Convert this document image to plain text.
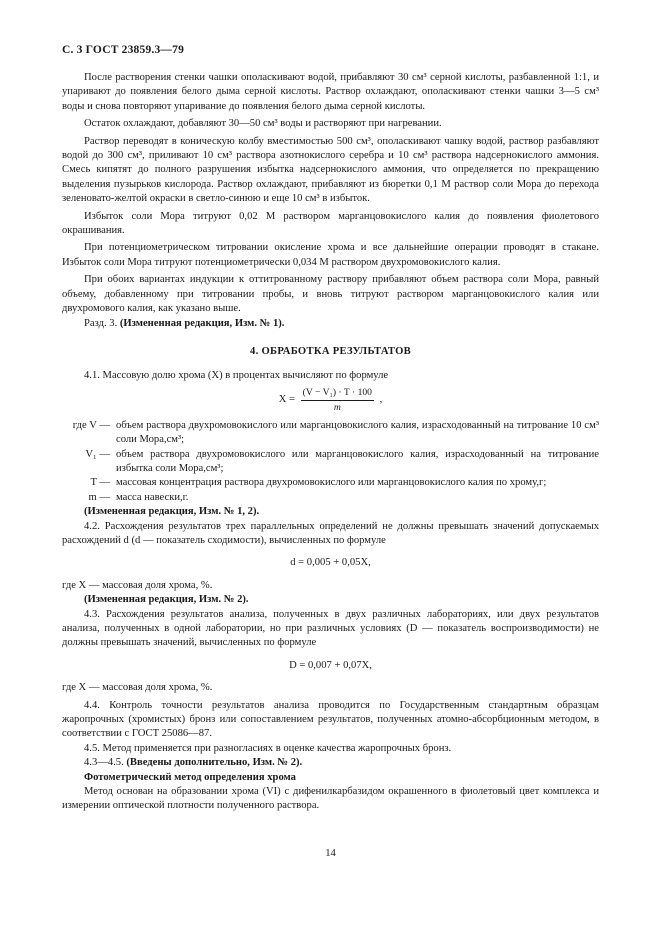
С. 3 ГОСТ 23859.3—79

После растворения стенки чашки ополаскивают водой, прибавляют 30 см³ серной кислоты, разбавленной 1:1, и упаривают до появления белого дыма серной кислоты. Раствор охлаждают, ополаскивают стенки чашки 3—5 см³ воды и снова повторяют упаривание до появления белого дыма серной кислоты.

Остаток охлаждают, добавляют 30—50 см³ воды и растворяют при нагревании.

Раствор переводят в коническую колбу вместимостью 500 см³, ополаскивают чашку водой, раствор разбавляют водой до 300 см³, приливают 10 см³ раствора азотнокислого серебра и 10 см³ раствора надсернокислого аммония. Смесь кипятят до полного разрушения избытка надсернокислого аммония, что определяется по прекращению выделения пузырьков кислорода. Раствор охлаждают, прибавляют из бюретки 0,1 М раствор соли Мора до перехода зеленовато-желтой окраски в светло-синюю и еще 10 см³ в избыток.

Избыток соли Мора титруют 0,02 М раствором марганцовокислого калия до появления фиолетового окрашивания.

При потенциометрическом титровании окисление хрома и все дальнейшие операции проводят в стакане. Избыток соли Мора титруют потенциометрически 0,034 М раствором двухромовокислого калия.

При обоих вариантах индукции к оттитрованному раствору прибавляют объем раствора соли Мора, равный объему, добавленному при титровании пробы, и вновь титруют раствором марганцовокислого калия или двухромового калия, как указано выше.

Разд. 3. (Измененная редакция, Изм. № 1).

4. ОБРАБОТКА РЕЗУЛЬТАТОВ

4.1. Массовую долю хрома (X) в процентах вычисляют по формуле

$X = \frac{\text{(V − V₁) · T · 100}}{m}$ ,
где V — объем раствора двухромовокислого или марганцовокислого калия, израсходованный на титрование 10 см³ соли Мора,см³;
V₁ — объем раствора двухромовокислого или марганцовокислого калия, израсходованный на титрование избытка соли Мора,см³;
T — массовая концентрация раствора двухромовокислого или марганцовокислого калия по хрому,г;
m — масса навески,г.

(Измененная редакция, Изм. № 1, 2).

4.2. Расхождения результатов трех параллельных определений не должны превышать значений допускаемых расхождений d (d — показатель сходимости), вычисленных по формуле

d = 0,005 + 0,05X,

где X — массовая доля хрома, %.

(Измененная редакция, Изм. № 2).

4.3. Расхождения результатов анализа, полученных в двух различных лабораториях, или двух результатов анализа, полученных в одной лаборатории, но при различных условиях (D — показатель воспроизводимости) не должны превышать значений, вычисленных по формуле

D = 0,007 + 0,07X,

где X — массовая доля хрома, %.

4.4. Контроль точности результатов анализа проводится по Государственным стандартным образцам жаропрочных (хромистых) бронз или сопоставлением результатов, полученных атомно-абсорбционным методом, в соответствии с ГОСТ 25086—87.

4.5. Метод применяется при разногласиях в оценке качества жаропрочных бронз.

4.3—4.5. (Введены дополнительно, Изм. № 2).

Фотометрический метод определения хрома

Метод основан на образовании хрома (VI) с дифенилкарбазидом окрашенного в фиолетовый цвет комплекса и измерении оптической плотности полученного раствора.

14
